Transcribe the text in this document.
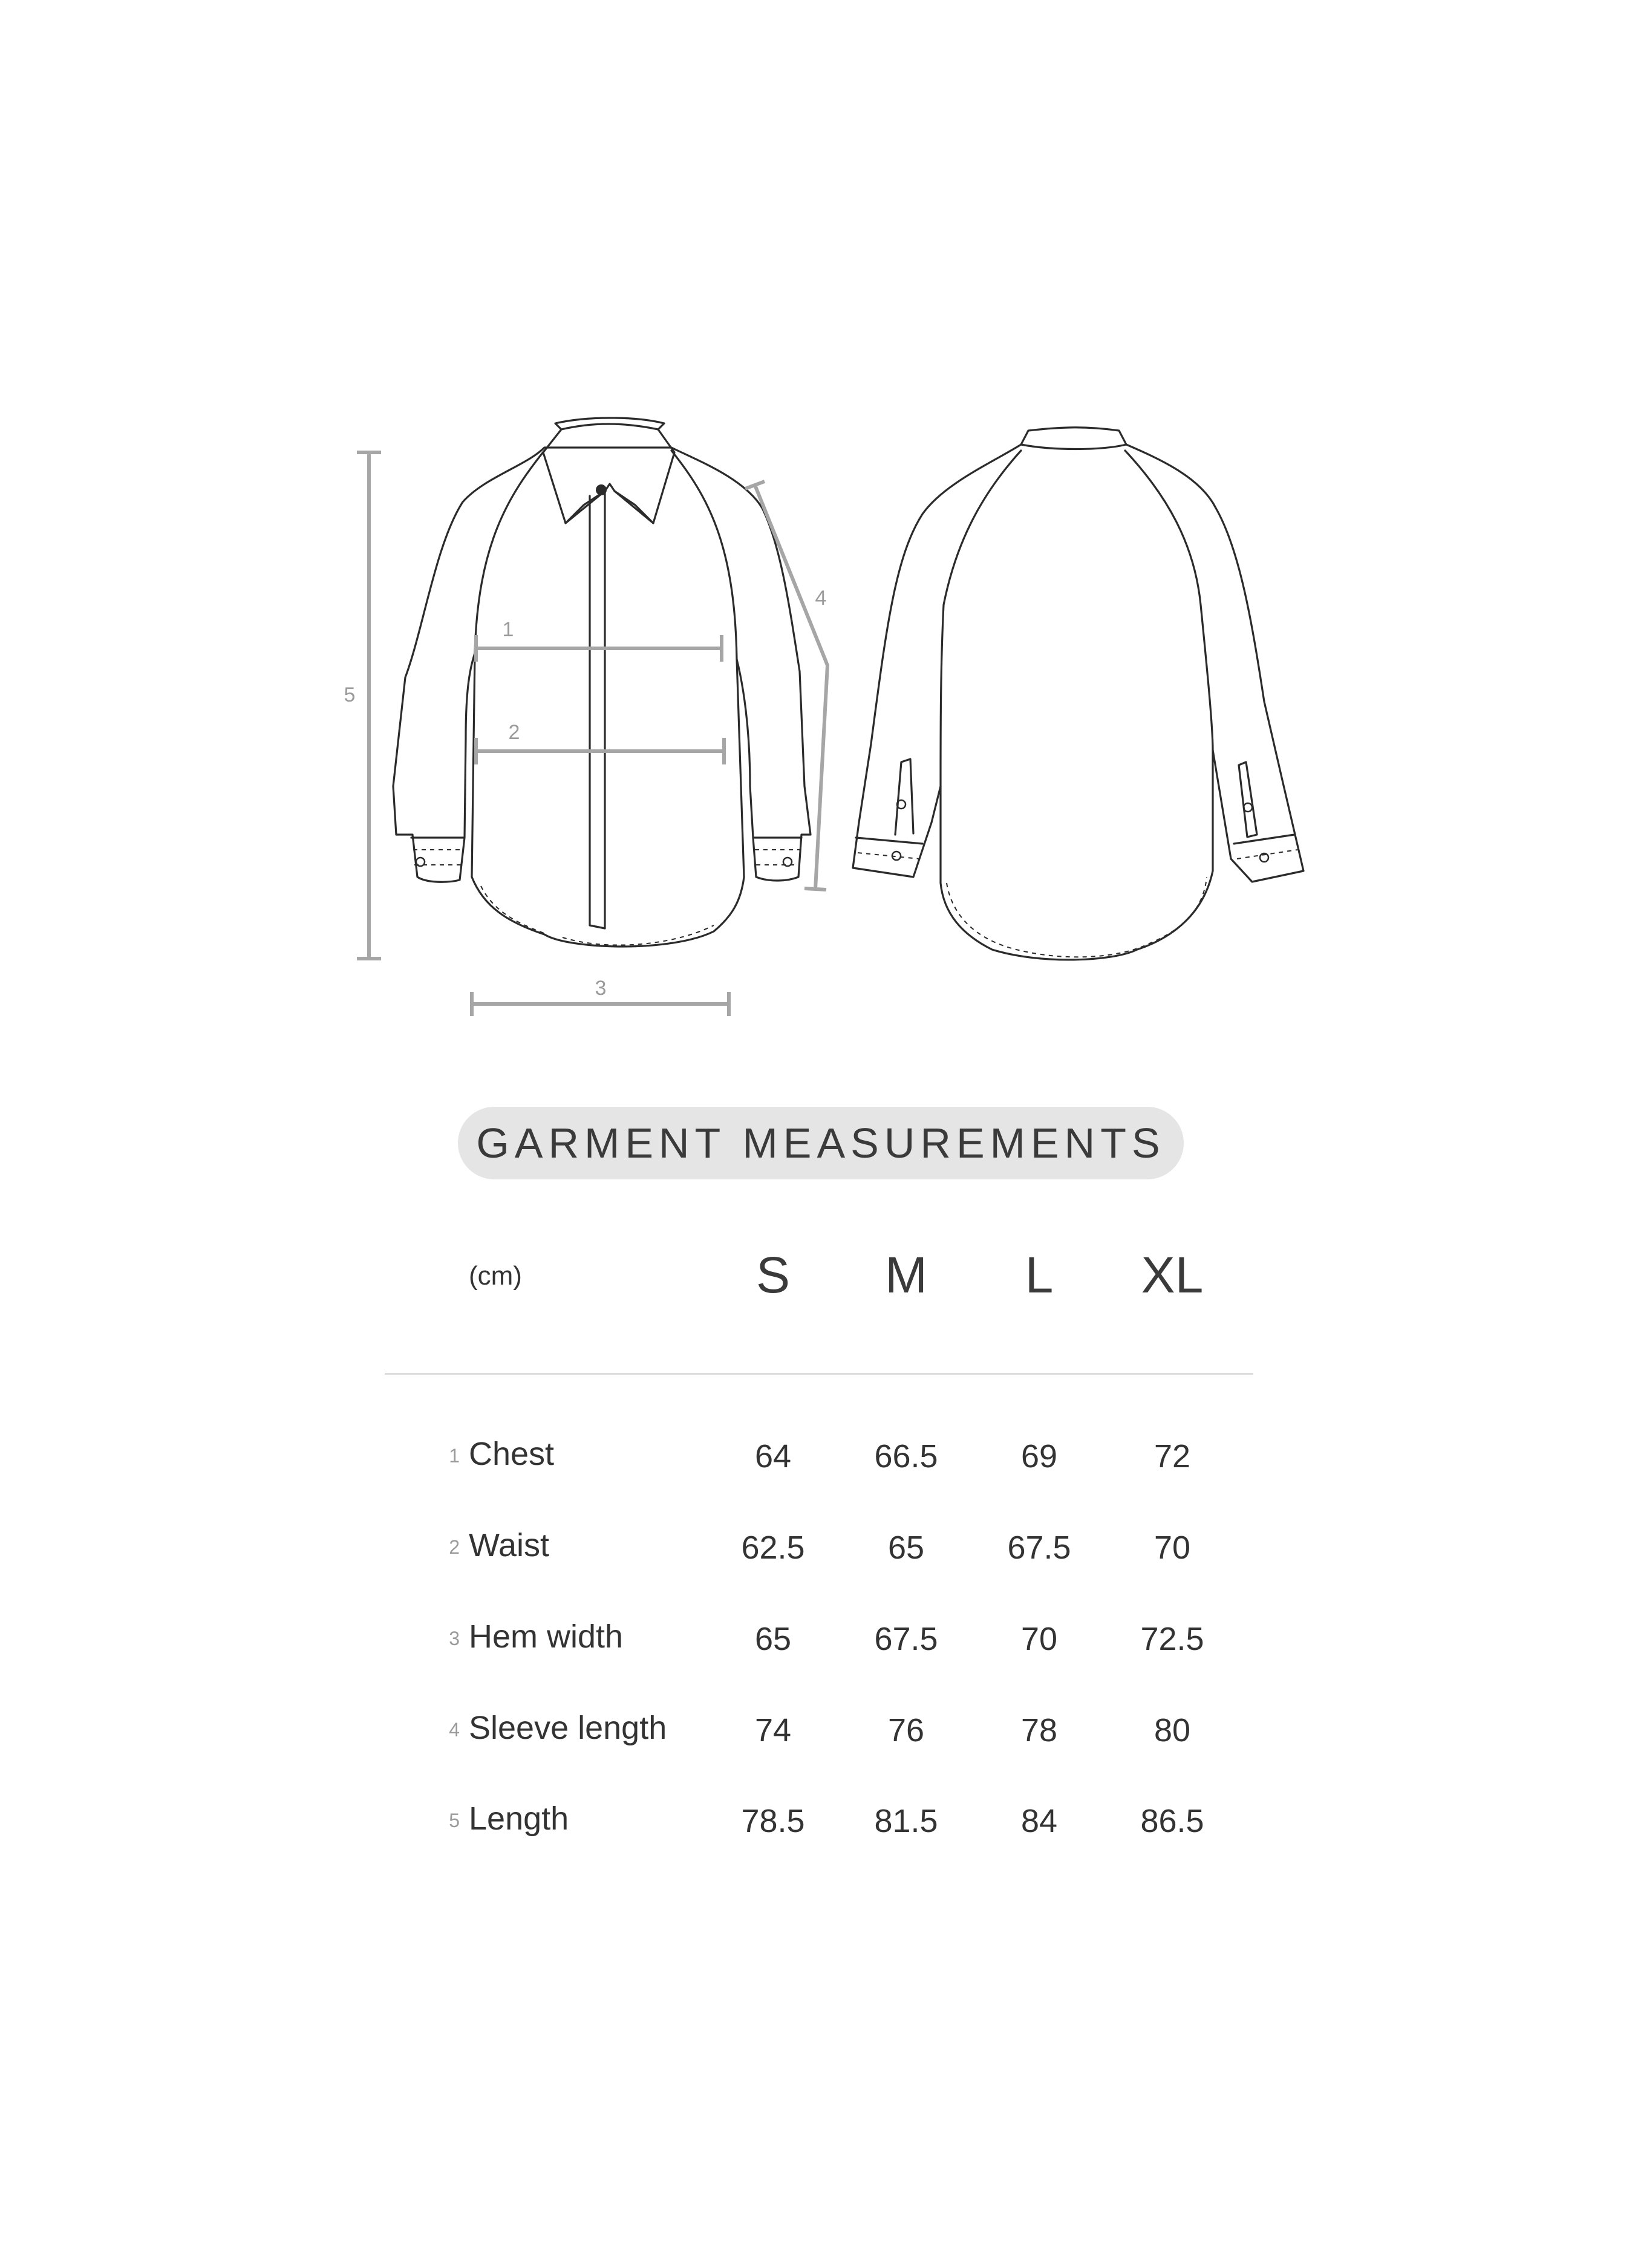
1
2
3
4
5
GARMENT MEASUREMENTS
(cm)	S	M	L	XL
1 Chest	64	66.5	69	72
2 Waist	62.5	65	67.5	70
3 Hem width	65	67.5	70	72.5
4 Sleeve length	74	76	78	80
5 Length	78.5	81.5	84	86.5
